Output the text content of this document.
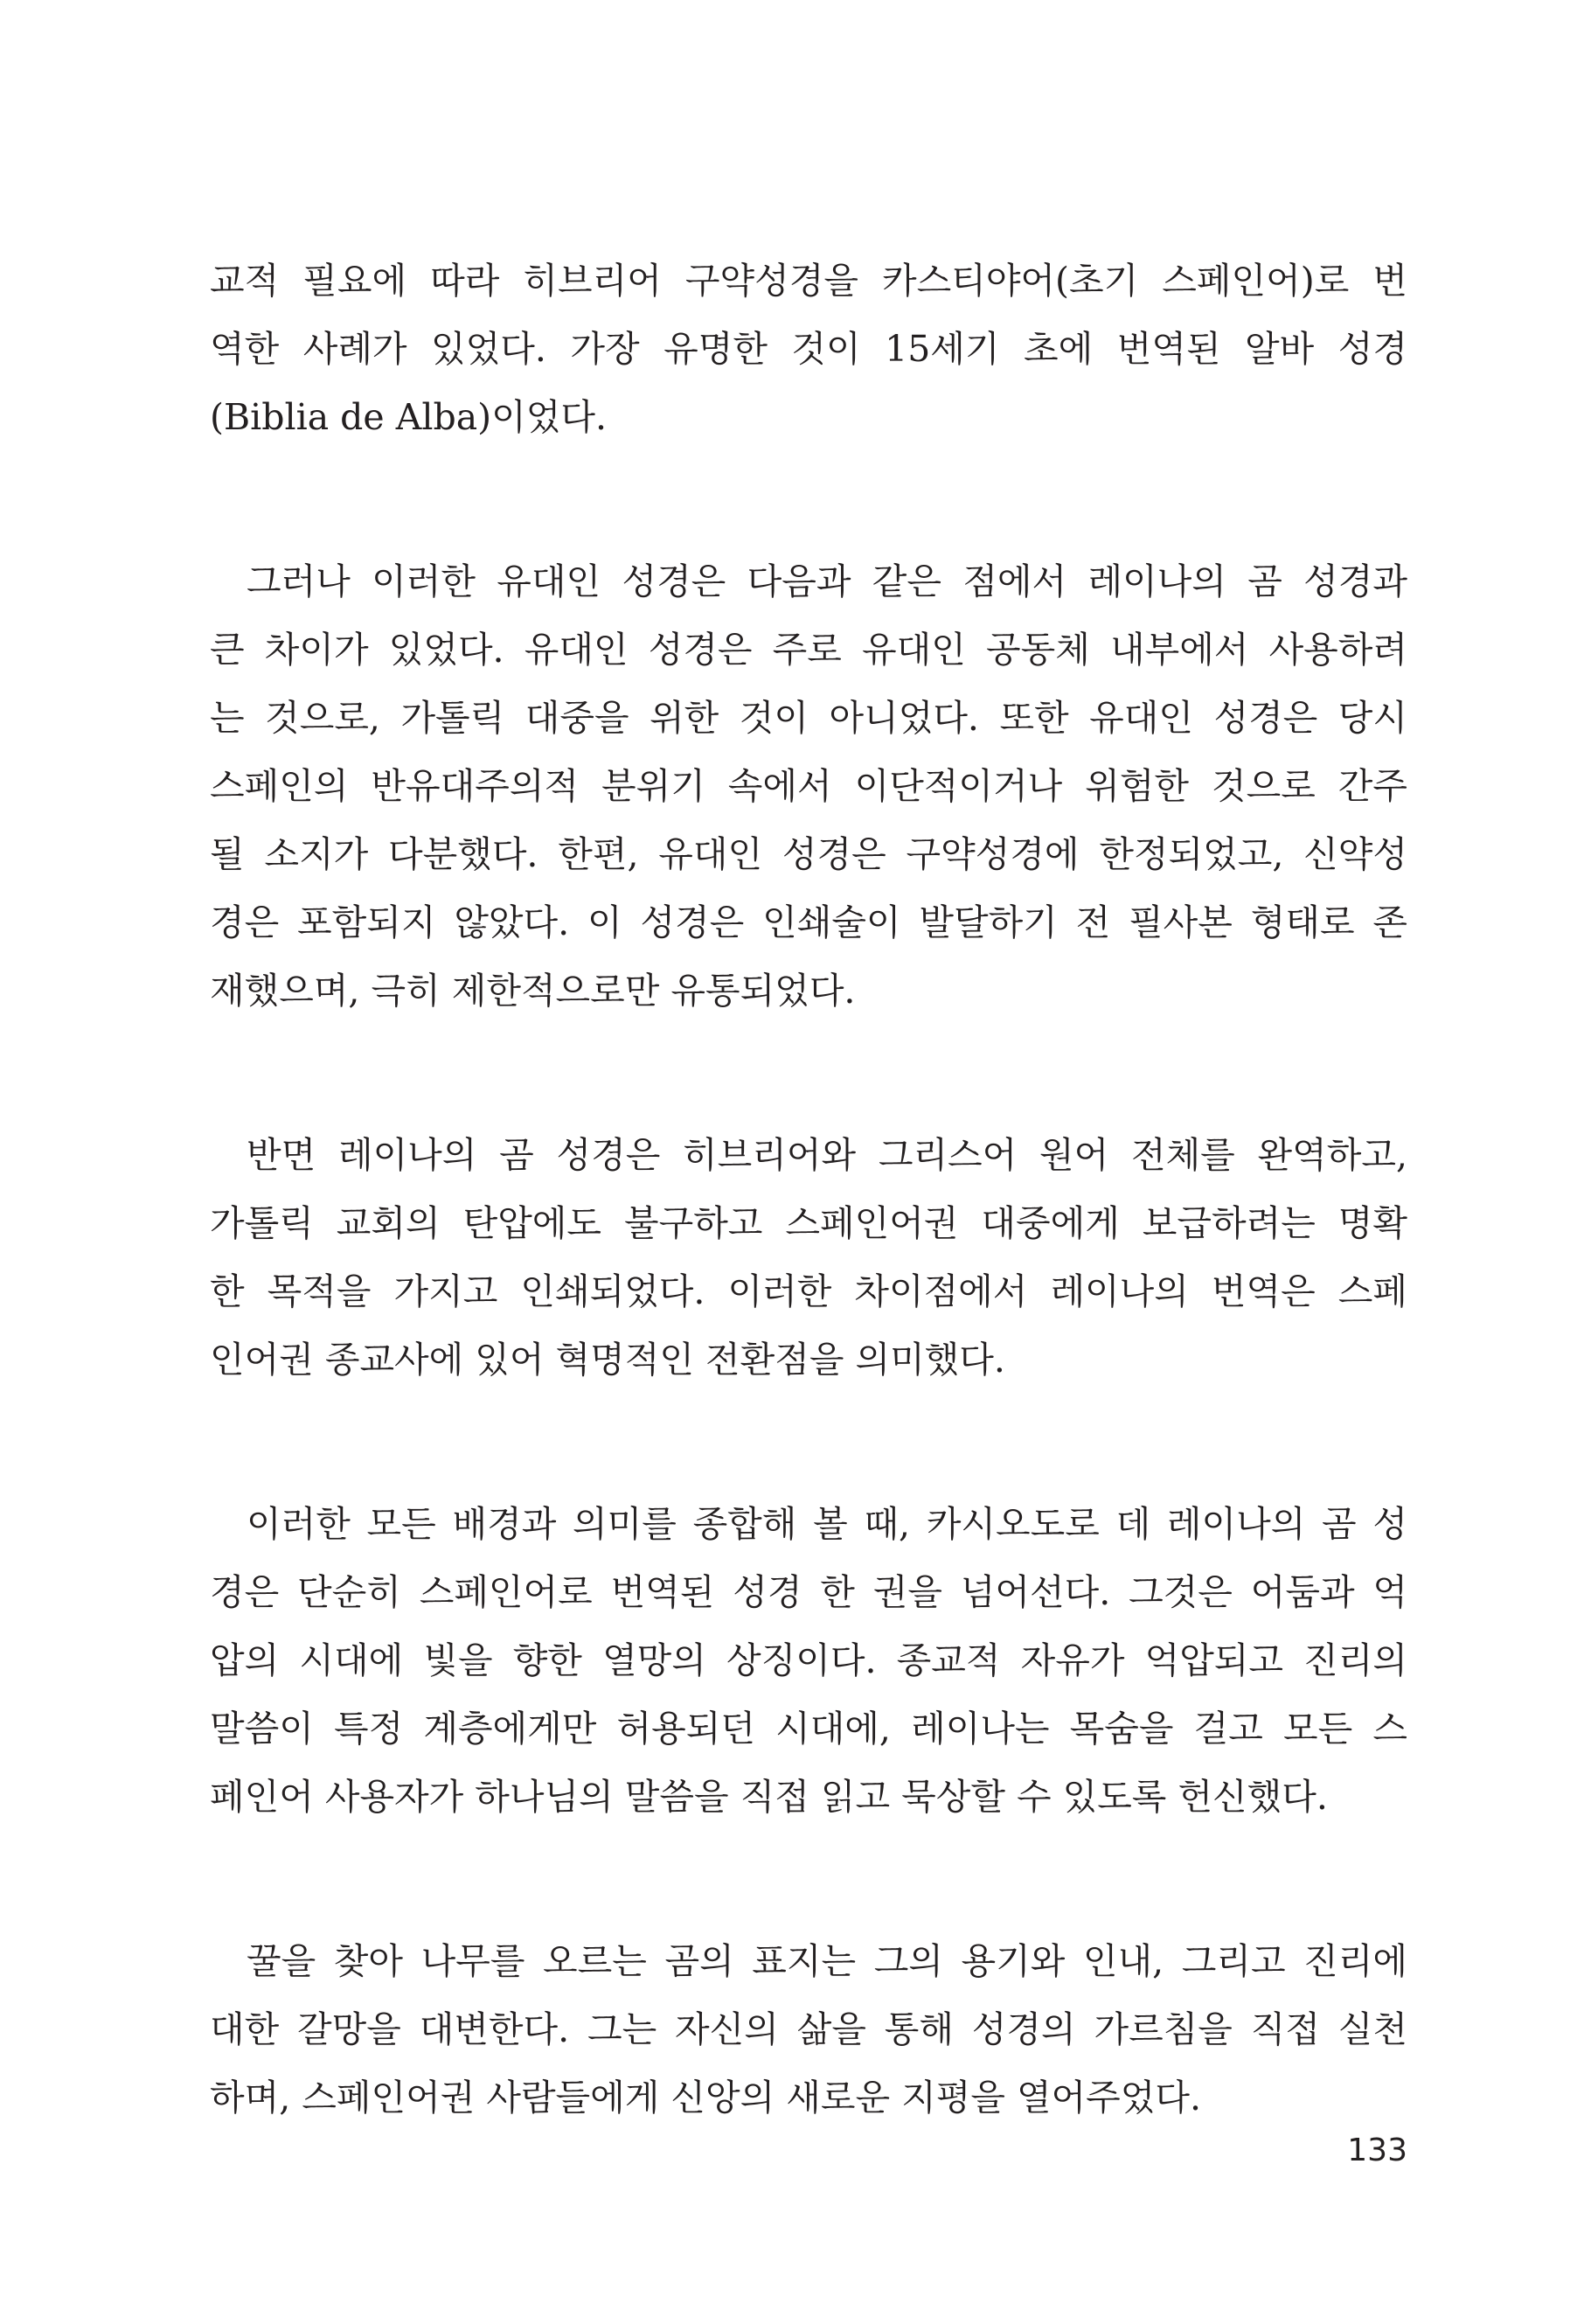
교적 필요에 따라 히브리어 구약성경을 카스티야어(초기 스페인어)로 번
역한 사례가 있었다. 가장 유명한 것이 15세기 초에 번역된 알바 성경
(Biblia de Alba)이었다.

그러나 이러한 유대인 성경은 다음과 같은 점에서 레이나의 곰 성경과
큰 차이가 있었다. 유대인 성경은 주로 유대인 공동체 내부에서 사용하려
는 것으로, 가톨릭 대중을 위한 것이 아니었다. 또한 유대인 성경은 당시
스페인의 반유대주의적 분위기 속에서 이단적이거나 위험한 것으로 간주
될 소지가 다분했다. 한편, 유대인 성경은 구약성경에 한정되었고, 신약성
경은 포함되지 않았다. 이 성경은 인쇄술이 발달하기 전 필사본 형태로 존
재했으며, 극히 제한적으로만 유통되었다.

반면 레이나의 곰 성경은 히브리어와 그리스어 원어 전체를 완역하고,
가톨릭 교회의 탄압에도 불구하고 스페인어권 대중에게 보급하려는 명확
한 목적을 가지고 인쇄되었다. 이러한 차이점에서 레이나의 번역은 스페
인어권 종교사에 있어 혁명적인 전환점을 의미했다.

이러한 모든 배경과 의미를 종합해 볼 때, 카시오도로 데 레이나의 곰 성
경은 단순히 스페인어로 번역된 성경 한 권을 넘어선다. 그것은 어둠과 억
압의 시대에 빛을 향한 열망의 상징이다. 종교적 자유가 억압되고 진리의
말씀이 특정 계층에게만 허용되던 시대에, 레이나는 목숨을 걸고 모든 스
페인어 사용자가 하나님의 말씀을 직접 읽고 묵상할 수 있도록 헌신했다.

꿀을 찾아 나무를 오르는 곰의 표지는 그의 용기와 인내, 그리고 진리에
대한 갈망을 대변한다. 그는 자신의 삶을 통해 성경의 가르침을 직접 실천
하며, 스페인어권 사람들에게 신앙의 새로운 지평을 열어주었다.

133
